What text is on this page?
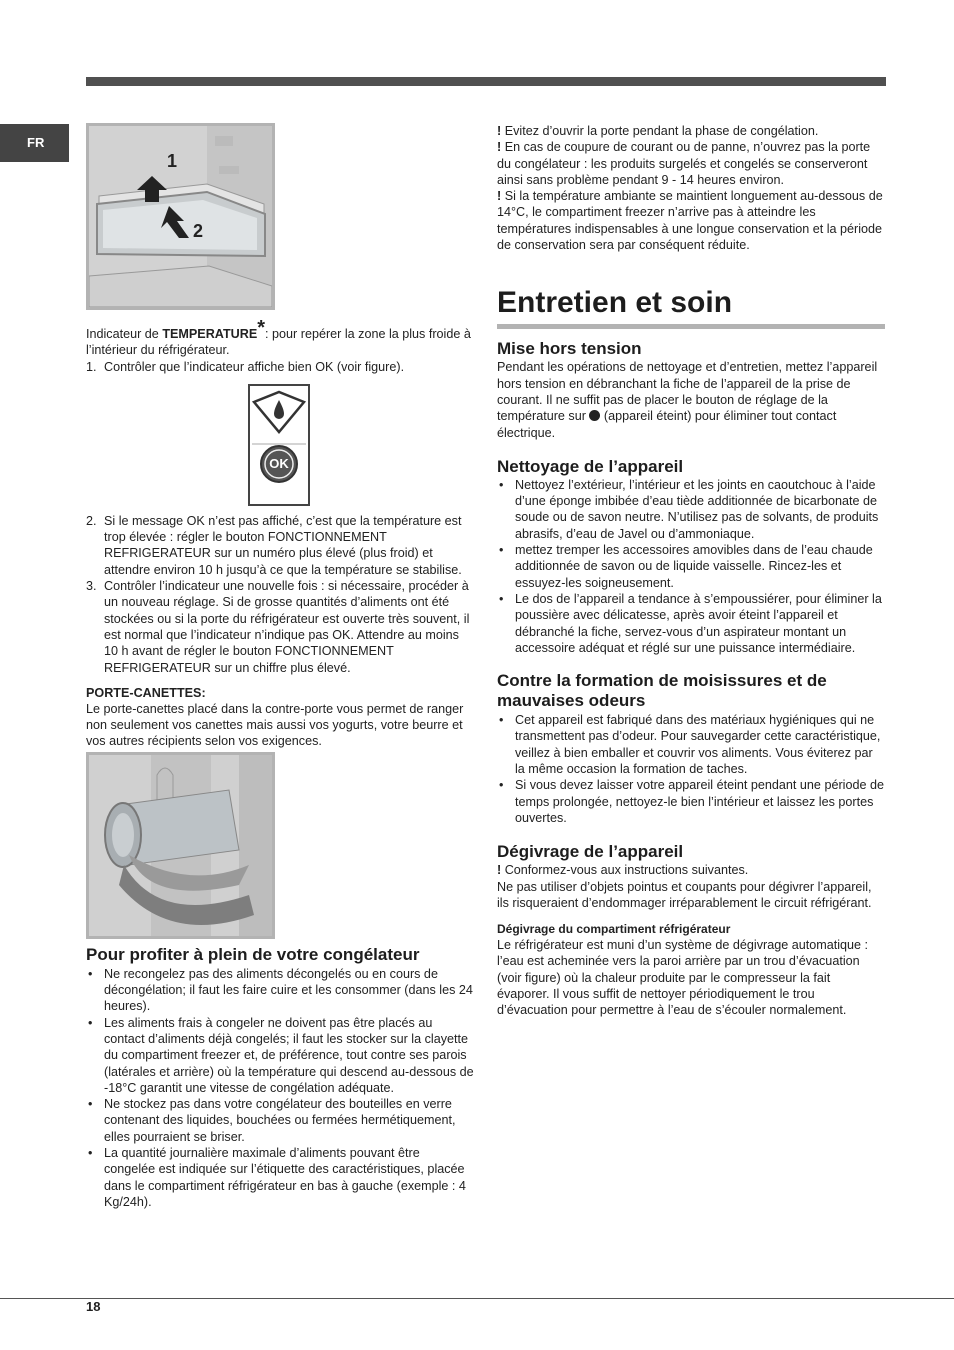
FR
1
2

Indicateur de TEMPERATURE*: pour repérer la zone la plus froide à l’intérieur du réfrigérateur.

1. Contrôler que l’indicateur affiche bien OK (voir figure).
OK
2. Si le message OK n’est pas affiché, c’est que la température est trop élevée : régler le bouton FONCTIONNEMENT REFRIGERATEUR sur un numéro plus élevé (plus froid) et attendre environ 10 h jusqu’à ce que la température se stabilise.
3. Contrôler l’indicateur une nouvelle fois : si nécessaire, procéder à un nouveau réglage. Si de grosse quantités d’aliments ont été stockées ou si la porte du réfrigérateur est ouverte très souvent, il est normal que l’indicateur n’indique pas OK. Attendre au moins 10 h avant de régler le bouton FONCTIONNEMENT REFRIGERATEUR sur un chiffre plus élevé.
PORTE-CANETTES:

Le porte-canettes placé dans la contre-porte vous permet de ranger non seulement vos canettes mais aussi vos yogurts, votre beurre et vos autres récipients selon vos exigences.

Pour profiter à plein de votre congélateur
• Ne recongelez pas des aliments décongelés ou en cours de décongélation; il faut les faire cuire et les consommer (dans les 24 heures).
• Les aliments frais à congeler ne doivent pas être placés au contact d’aliments déjà congelés; il faut les stocker sur la clayette du compartiment freezer et, de préférence, tout contre ses parois (latérales et arrière) où la température qui descend au-dessous de -18°C garantit une vitesse de congélation adéquate.
• Ne stockez pas dans votre congélateur des bouteilles en verre contenant des liquides, bouchées ou fermées hermétiquement, elles pourraient se briser.
• La quantité journalière maximale d’aliments pouvant être congelée est indiquée sur l’étiquette des caractéristiques, placée dans le compartiment réfrigérateur en bas à gauche (exemple : 4 Kg/24h).

! Evitez d’ouvrir la porte pendant la phase de congélation.

! En cas de coupure de courant ou de panne, n’ouvrez pas la porte du congélateur : les produits surgelés et congelés se conserveront ainsi sans problème pendant 9 - 14 heures environ.

! Si la température ambiante se maintient longuement au-dessous de 14°C, le compartiment freezer n’arrive pas à atteindre les températures indispensables à une longue conservation et la période de conservation sera par conséquent réduite.

Entretien et soin
Mise hors tension

Pendant les opérations de nettoyage et d’entretien, mettez l’appareil hors tension en débranchant la fiche de l’appareil de la prise de courant. Il ne suffit pas de placer le bouton de réglage de la température sur  (appareil éteint) pour éliminer tout contact électrique.

Nettoyage de l’appareil
• Nettoyez l’extérieur, l’intérieur et les joints en caoutchouc à l’aide d’une éponge imbibée d’eau tiède additionnée de bicarbonate de soude ou de savon neutre. N’utilisez pas de solvants, de produits abrasifs, d’eau de Javel ou d’ammoniaque.
• mettez tremper les accessoires amovibles dans de l’eau chaude additionnée de savon ou de liquide vaisselle. Rincez-les et essuyez-les soigneusement.
• Le dos de l’appareil a tendance à s’empoussiérer, pour éliminer la poussière avec délicatesse, après avoir éteint l’appareil et débranché la fiche, servez-vous d’un aspirateur montant un accessoire adéquat et réglé sur une puissance intermédiaire.
Contre la formation de moisissures et de mauvaises odeurs
• Cet appareil est fabriqué dans des matériaux hygiéniques qui ne transmettent pas d’odeur. Pour sauvegarder cette caractéristique, veillez à bien emballer et couvrir vos aliments. Vous éviterez par la même occasion la formation de taches.
• Si vous devez laisser votre appareil éteint pendant une période de temps prolongée, nettoyez-le bien l’intérieur et laissez les portes ouvertes.
Dégivrage de l’appareil

! Conformez-vous aux instructions suivantes.

Ne pas utiliser d’objets pointus et coupants pour dégivrer l’appareil, ils risqueraient d’endommager irréparablement le circuit réfrigérant.

Dégivrage du compartiment réfrigérateur

Le réfrigérateur est muni d’un système de dégivrage automatique : l’eau est acheminée vers la paroi arrière par un trou d’évacuation (voir figure) où la chaleur produite par le compresseur la fait évaporer. Il vous suffit de nettoyer périodiquement le trou d’évacuation pour permettre à l’eau de s’écouler normalement.

18
